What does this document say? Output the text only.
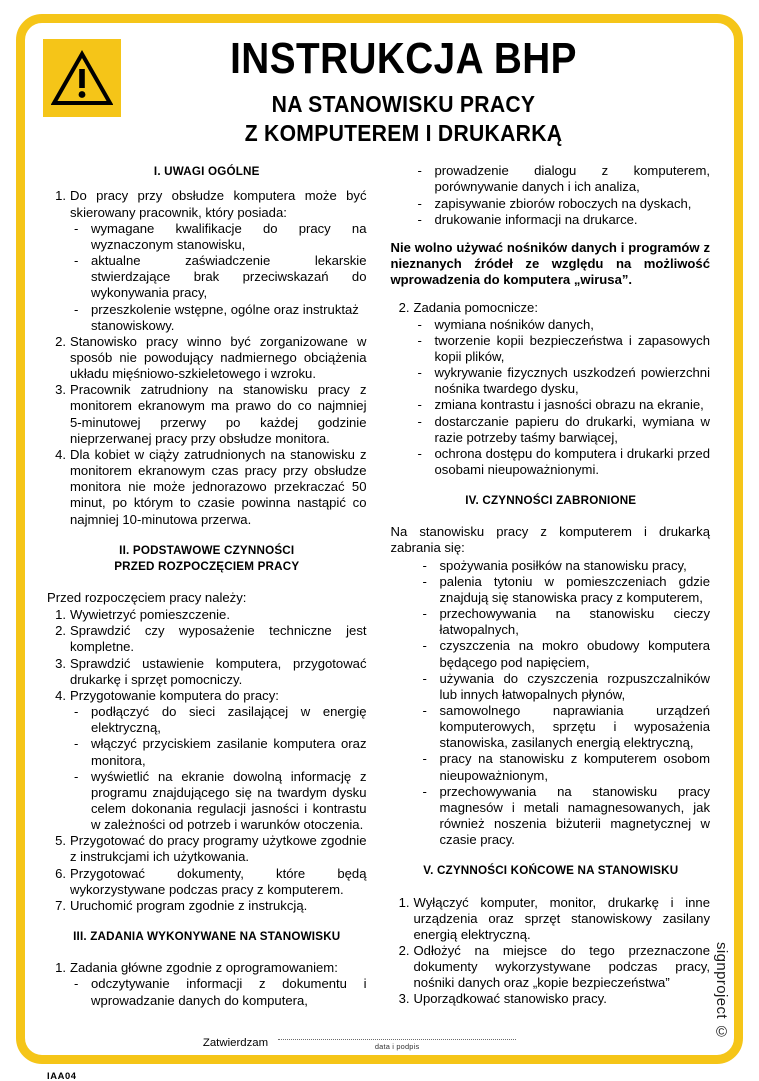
INSTRUKCJA BHP
NA STANOWISKU PRACY
Z KOMPUTEREM I DRUKARKĄ
I. UWAGI OGÓLNE
1. Do pracy przy obsłudze komputera może być skierowany pracownik, który posiada:
- wymagane kwalifikacje do pracy na wyznaczonym stanowisku,
- aktualne zaświadczenie lekarskie stwierdzające brak przeciwskazań do wykonywania pracy,
- przeszkolenie wstępne, ogólne oraz instruktaż stanowiskowy.
2. Stanowisko pracy winno być zorganizowane w sposób nie powodujący nadmiernego obciążenia układu mięśniowo-szkieletowego i wzroku.
3. Pracownik zatrudniony na stanowisku pracy z monitorem ekranowym ma prawo do co najmniej 5-minutowej przerwy po każdej godzinie nieprzerwanej pracy przy obsłudze monitora.
4. Dla kobiet w ciąży zatrudnionych na stanowisku z monitorem ekranowym czas pracy przy obsłudze monitora nie może jednorazowo przekraczać 50 minut, po którym to czasie powinna nastąpić co najmniej 10-minutowa przerwa.
II. PODSTAWOWE CZYNNOŚCI
PRZED ROZPOCZĘCIEM PRACY

Przed rozpoczęciem pracy należy:

1. Wywietrzyć pomieszczenie.
2. Sprawdzić czy wyposażenie techniczne jest kompletne.
3. Sprawdzić ustawienie komputera, przygotować drukarkę i sprzęt pomocniczy.
4. Przygotowanie komputera do pracy:
- podłączyć do sieci zasilającej w energię elektryczną,
- włączyć przyciskiem zasilanie komputera oraz monitora,
- wyświetlić na ekranie dowolną informację z programu znajdującego się na twardym dysku celem dokonania regulacji jasności i kontrastu w zależności od potrzeb i warunków otoczenia.
5. Przygotować do pracy programy użytkowe zgodnie z instrukcjami ich użytkowania.
6. Przygotować dokumenty, które będą wykorzystywane podczas pracy z komputerem.
7. Uruchomić program zgodnie z instrukcją.
III. ZADANIA WYKONYWANE NA STANOWISKU
1. Zadania główne zgodnie z oprogramowaniem:
- odczytywanie informacji z dokumentu i wprowadzanie danych do komputera,
- prowadzenie dialogu z komputerem, porównywanie danych i ich analiza,
- zapisywanie zbiorów roboczych na dyskach,
- drukowanie informacji na drukarce.

Nie wolno używać nośników danych i programów z nieznanych źródeł ze względu na możliwość wprowadzenia do komputera „wirusa”.

2. Zadania pomocnicze:
- wymiana nośników danych,
- tworzenie kopii bezpieczeństwa i zapasowych kopii plików,
- wykrywanie fizycznych uszkodzeń powierzchni nośnika twardego dysku,
- zmiana kontrastu i jasności obrazu na ekranie,
- dostarczanie papieru do drukarki, wymiana w razie potrzeby taśmy barwiącej,
- ochrona dostępu do komputera i drukarki przed osobami nieupoważnionymi.
IV. CZYNNOŚCI ZABRONIONE

Na stanowisku pracy z komputerem i drukarką zabrania się:

- spożywania posiłków na stanowisku pracy,
- palenia tytoniu w pomieszczeniach gdzie znajdują się stanowiska pracy z komputerem,
- przechowywania na stanowisku cieczy łatwopalnych,
- czyszczenia na mokro obudowy komputera będącego pod napięciem,
- używania do czyszczenia rozpuszczalników lub innych łatwopalnych płynów,
- samowolnego naprawiania urządzeń komputerowych, sprzętu i wyposażenia stanowiska, zasilanych energią elektryczną,
- pracy na stanowisku z komputerem osobom nieupoważnionym,
- przechowywania na stanowisku pracy magnesów i metali namagnesowanych, jak również noszenia biżuterii magnetycznej w czasie pracy.
V. CZYNNOŚCI KOŃCOWE NA STANOWISKU
1. Wyłączyć komputer, monitor, drukarkę i inne urządzenia oraz sprzęt stanowiskowy zasilany energią elektryczną.
2. Odłożyć na miejsce do tego przeznaczone dokumenty wykorzystywane podczas pracy, nośniki danych oraz „kopie bezpieczeństwa”
3. Uporządkować stanowisko pracy.
Zatwierdzam	data i podpis
signproject ©
IAA04
